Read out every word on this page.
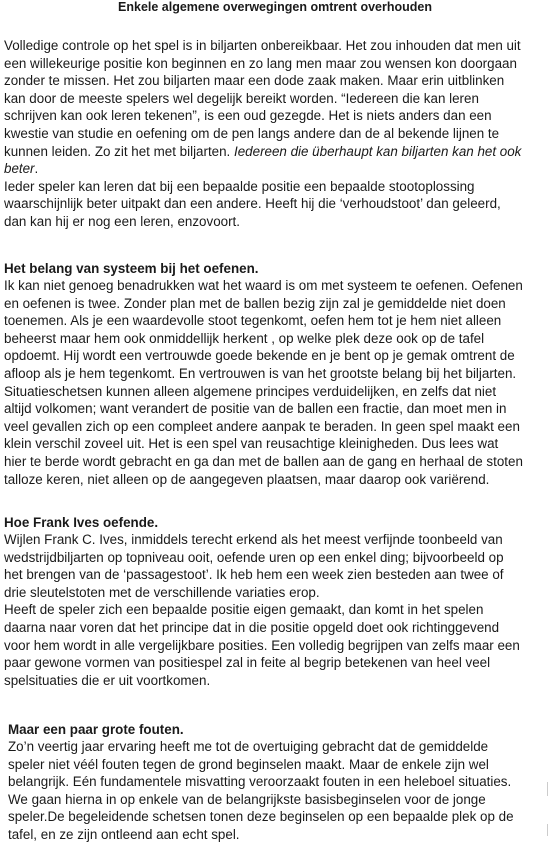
Enkele algemene overwegingen omtrent overhouden
Volledige controle op het spel is in biljarten onbereikbaar. Het zou inhouden dat men uit
een willekeurige positie kon beginnen en zo lang men maar zou wensen kon doorgaan
zonder te missen. Het zou biljarten maar een dode zaak maken. Maar erin uitblinken
kan door de meeste spelers wel degelijk bereikt worden. “Iedereen die kan leren
schrijven kan ook leren tekenen”, is een oud gezegde. Het is niets anders dan een
kwestie van studie en oefening om de pen langs andere dan de al bekende lijnen te
kunnen leiden. Zo zit het met biljarten. Iedereen die überhaupt kan biljarten kan het ook
beter.
Ieder speler kan leren dat bij een bepaalde positie een bepaalde stootoplossing
waarschijnlijk beter uitpakt dan een andere. Heeft hij die ‘verhoudstoot’ dan geleerd,
dan kan hij er nog een leren, enzovoort.
Het belang van systeem bij het oefenen.
Ik kan niet genoeg benadrukken wat het waard is om met systeem te oefenen. Oefenen
en oefenen is twee. Zonder plan met de ballen bezig zijn zal je gemiddelde niet doen
toenemen. Als je een waardevolle stoot tegenkomt, oefen hem tot je hem niet alleen
beheerst maar hem ook onmiddellijk herkent , op welke plek deze ook op de tafel
opdoemt. Hij wordt een vertrouwde goede bekende en je bent op je gemak omtrent de
afloop als je hem tegenkomt. En vertrouwen is van het grootste belang bij het biljarten.
Situatieschetsen kunnen alleen algemene principes verduidelijken, en zelfs dat niet
altijd volkomen; want verandert de positie van de ballen een fractie, dan moet men in
veel gevallen zich op een compleet andere aanpak te beraden. In geen spel maakt een
klein verschil zoveel uit. Het is een spel van reusachtige kleinigheden. Dus lees wat
hier te berde wordt gebracht en ga dan met de ballen aan de gang en herhaal de stoten
talloze keren, niet alleen op de aangegeven plaatsen, maar daarop ook variërend.
Hoe Frank Ives oefende.
Wijlen Frank C. Ives, inmiddels terecht erkend als het meest verfijnde toonbeeld van
wedstrijdbiljarten op topniveau ooit, oefende uren op een enkel ding; bijvoorbeeld op
het brengen van de ‘passagestoot’. Ik heb hem een week zien besteden aan twee of
drie sleutelstoten met de verschillende variaties erop.
Heeft de speler zich een bepaalde positie eigen gemaakt, dan komt in het spelen
daarna naar voren dat het principe dat in die positie opgeld doet ook richtinggevend
voor hem wordt in alle vergelijkbare posities. Een volledig begrijpen van zelfs maar een
paar gewone vormen van positiespel zal in feite al begrip betekenen van heel veel
spelsituaties die er uit voortkomen.
Maar een paar grote fouten.
Zo’n veertig jaar ervaring heeft me tot de overtuiging gebracht dat de gemiddelde
speler niet véél fouten tegen de grond beginselen maakt. Maar de enkele zijn wel
belangrijk. Eén fundamentele misvatting veroorzaakt fouten in een heleboel situaties.
We gaan hierna in op enkele van de belangrijkste basisbeginselen voor de jonge
speler.De begeleidende schetsen tonen deze beginselen op een bepaalde plek op de
tafel, en ze zijn ontleend aan echt spel.
